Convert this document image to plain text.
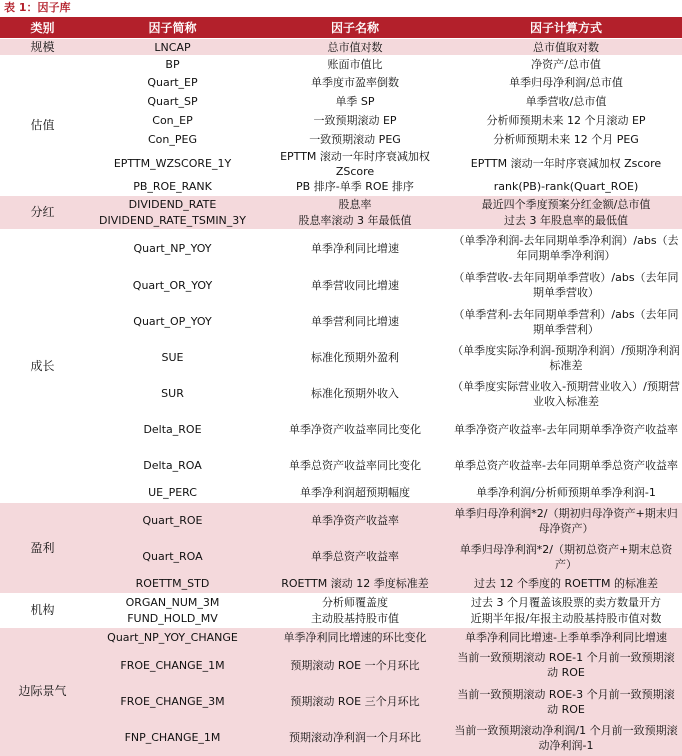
表 1：因子库
类别	因子简称	因子名称	因子计算方式
规模	LNCAP	总市值对数	总市值取对数
估值	BP	账面市值比	净资产/总市值
	Quart_EP	单季度市盈率倒数	单季归母净利润/总市值
	Quart_SP	单季 SP	单季营收/总市值
	Con_EP	一致预期滚动 EP	分析师预期未来 12 个月滚动 EP
	Con_PEG	一致预期滚动 PEG	分析师预期未来 12 个月 PEG
	EPTTM_WZSCORE_1Y	EPTTM 滚动一年时序衰减加权 ZScore	EPTTM 滚动一年时序衰减加权 Zscore
	PB_ROE_RANK	PB 排序-单季 ROE 排序	rank(PB)-rank(Quart_ROE)
分红	DIVIDEND_RATE	股息率	最近四个季度预案分红金额/总市值
	DIVIDEND_RATE_TSMIN_3Y	股息率滚动 3 年最低值	过去 3 年股息率的最低值
成长	Quart_NP_YOY	单季净利同比增速	（单季净利润-去年同期单季净利润）/abs（去年同期单季净利润）
	Quart_OR_YOY	单季营收同比增速	（单季营收-去年同期单季营收）/abs（去年同期单季营收）
	Quart_OP_YOY	单季营利同比增速	（单季营利-去年同期单季营利）/abs（去年同期单季营利）
	SUE	标准化预期外盈利	（单季度实际净利润-预期净利润）/预期净利润标准差
	SUR	标准化预期外收入	（单季度实际营业收入-预期营业收入）/预期营业收入标准差
	Delta_ROE	单季净资产收益率同比变化	单季净资产收益率-去年同期单季净资产收益率
	Delta_ROA	单季总资产收益率同比变化	单季总资产收益率-去年同期单季总资产收益率
	UE_PERC	单季净利润超预期幅度	单季净利润/分析师预期单季净利润-1
盈利	Quart_ROE	单季净资产收益率	单季归母净利润*2/（期初归母净资产+期末归母净资产）
	Quart_ROA	单季总资产收益率	单季归母净利润*2/（期初总资产+期末总资产）
	ROETTM_STD	ROETTM 滚动 12 季度标准差	过去 12 个季度的 ROETTM 的标准差
机构	ORGAN_NUM_3M	分析师覆盖度	过去 3 个月覆盖该股票的卖方数量开方
	FUND_HOLD_MV	主动股基持股市值	近期半年报/年报主动股基持股市值对数
边际景气	Quart_NP_YOY_CHANGE	单季净利同比增速的环比变化	单季净利同比增速-上季单季净利同比增速
	FROE_CHANGE_1M	预期滚动 ROE 一个月环比	当前一致预期滚动 ROE-1 个月前一致预期滚动 ROE
	FROE_CHANGE_3M	预期滚动 ROE 三个月环比	当前一致预期滚动 ROE-3 个月前一致预期滚动 ROE
	FNP_CHANGE_1M	预期滚动净利润一个月环比	当前一致预期滚动净利润/1 个月前一致预期滚动净利润-1
